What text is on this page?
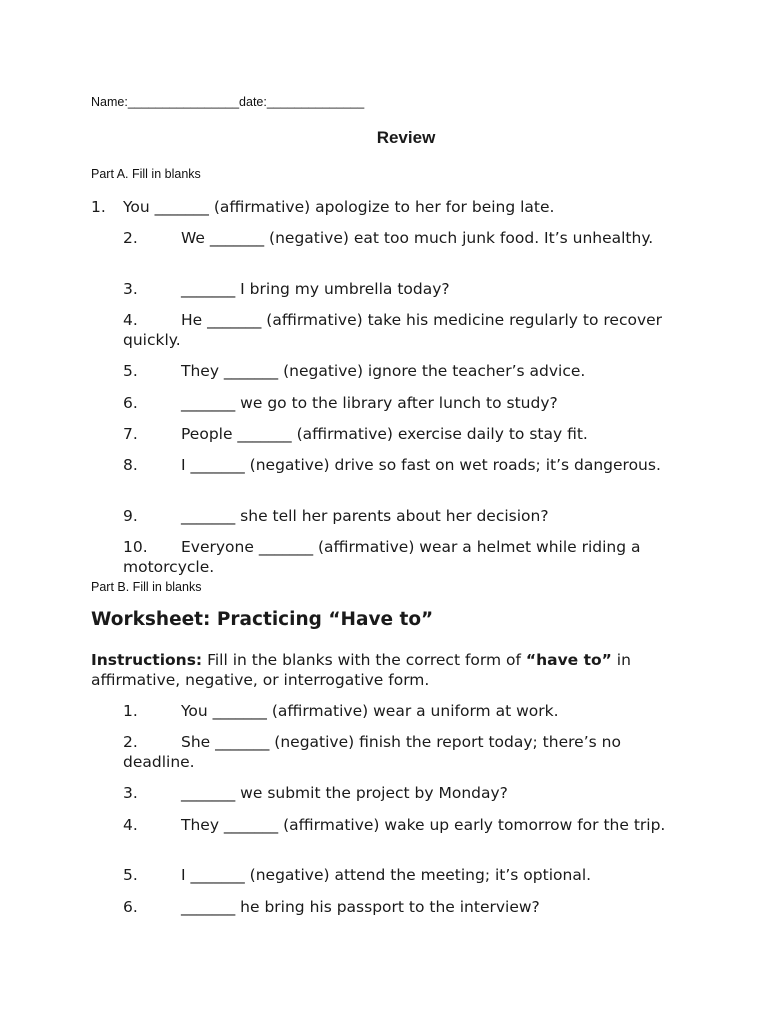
Name:________________date:______________
Review
Part A. Fill in blanks
1. You _______ (affirmative) apologize to her for being late.
2.	We _______ (negative) eat too much junk food. It’s unhealthy.
3.	_______ I bring my umbrella today?
4.	He _______ (affirmative) take his medicine regularly to recover quickly.
5.	They _______ (negative) ignore the teacher’s advice.
6.	_______ we go to the library after lunch to study?
7.	People _______ (affirmative) exercise daily to stay fit.
8.	I _______ (negative) drive so fast on wet roads; it’s dangerous.
9.	_______ she tell her parents about her decision?
10. Everyone _______ (affirmative) wear a helmet while riding a motorcycle.
Part B. Fill in blanks
Worksheet: Practicing “Have to”
Instructions: Fill in the blanks with the correct form of “have to” in affirmative, negative, or interrogative form.
1.	You _______ (affirmative) wear a uniform at work.
2.	She _______ (negative) finish the report today; there’s no deadline.
3.	_______ we submit the project by Monday?
4.	They _______ (affirmative) wake up early tomorrow for the trip.
5.	I _______ (negative) attend the meeting; it’s optional.
6.	_______ he bring his passport to the interview?
